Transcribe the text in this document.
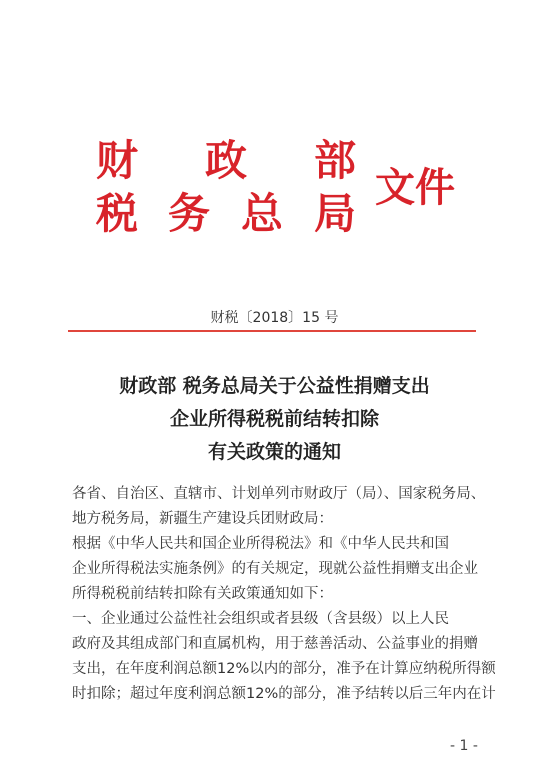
财 政 部
税 务 总 局
文件
财税〔2018〕15 号
财政部 税务总局关于公益性捐赠支出
企业所得税税前结转扣除
有关政策的通知
各省、自治区、直辖市、计划单列市财政厅（局）、国家税务局、
地方税务局，新疆生产建设兵团财政局：
根据《中华人民共和国企业所得税法》和《中华人民共和国
企业所得税法实施条例》的有关规定，现就公益性捐赠支出企业
所得税税前结转扣除有关政策通知如下：
一、企业通过公益性社会组织或者县级（含县级）以上人民
政府及其组成部门和直属机构，用于慈善活动、公益事业的捐赠
支出，在年度利润总额12%以内的部分，准予在计算应纳税所得额
时扣除；超过年度利润总额12%的部分，准予结转以后三年内在计
- 1 -
